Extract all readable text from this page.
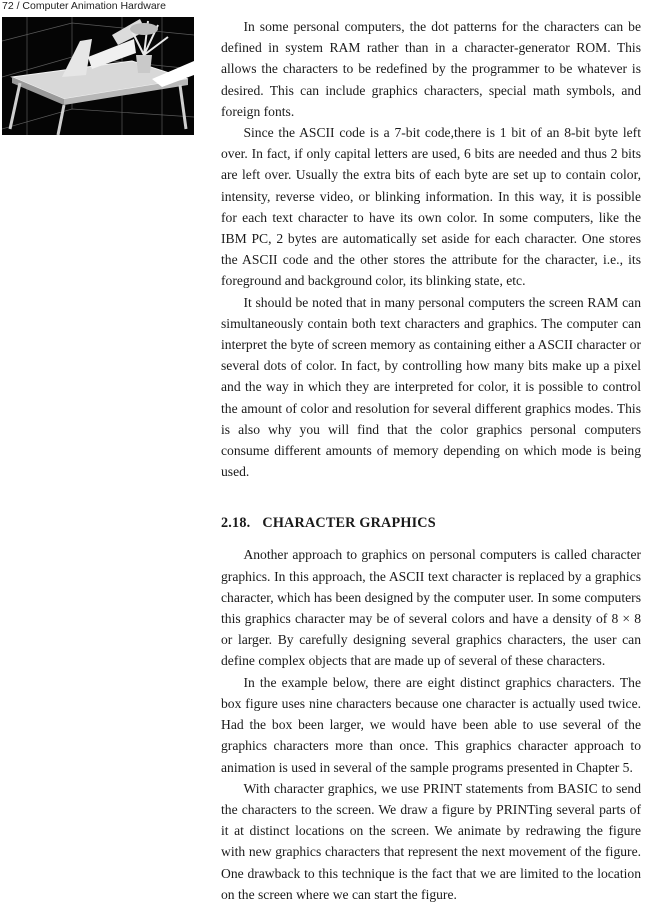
72 / Computer Animation Hardware

In some personal computers, the dot patterns for the characters can be defined in system RAM rather than in a character-generator ROM. This allows the characters to be redefined by the programmer to be whatever is desired. This can include graphics characters, special math symbols, and foreign fonts.

Since the ASCII code is a 7-bit code,there is 1 bit of an 8-bit byte left over. In fact, if only capital letters are used, 6 bits are needed and thus 2 bits are left over. Usually the extra bits of each byte are set up to contain color, intensity, reverse video, or blinking information. In this way, it is possible for each text character to have its own color. In some computers, like the IBM PC, 2 bytes are automatically set aside for each character. One stores the ASCII code and the other stores the attribute for the character, i.e., its foreground and background color, its blinking state, etc.

It should be noted that in many personal computers the screen RAM can simultaneously contain both text characters and graphics. The computer can interpret the byte of screen memory as containing either a ASCII character or several dots of color. In fact, by controlling how many bits make up a pixel and the way in which they are interpreted for color, it is possible to control the amount of color and resolution for several different graphics modes. This is also why you will find that the color graphics personal computers consume different amounts of memory depending on which mode is being used.

2.18. CHARACTER GRAPHICS

Another approach to graphics on personal computers is called character graphics. In this approach, the ASCII text character is replaced by a graphics character, which has been designed by the computer user. In some computers this graphics character may be of several colors and have a density of 8 × 8 or larger. By carefully designing several graphics characters, the user can define complex objects that are made up of several of these characters.

In the example below, there are eight distinct graphics characters. The box figure uses nine characters because one character is actually used twice. Had the box been larger, we would have been able to use several of the graphics characters more than once. This graphics character approach to animation is used in several of the sample programs presented in Chapter 5.

With character graphics, we use PRINT statements from BASIC to send the characters to the screen. We draw a figure by PRINTing several parts of it at distinct locations on the screen. We animate by redrawing the figure with new graphics characters that represent the next movement of the figure. One drawback to this technique is the fact that we are limited to the location on the screen where we can start the figure.
